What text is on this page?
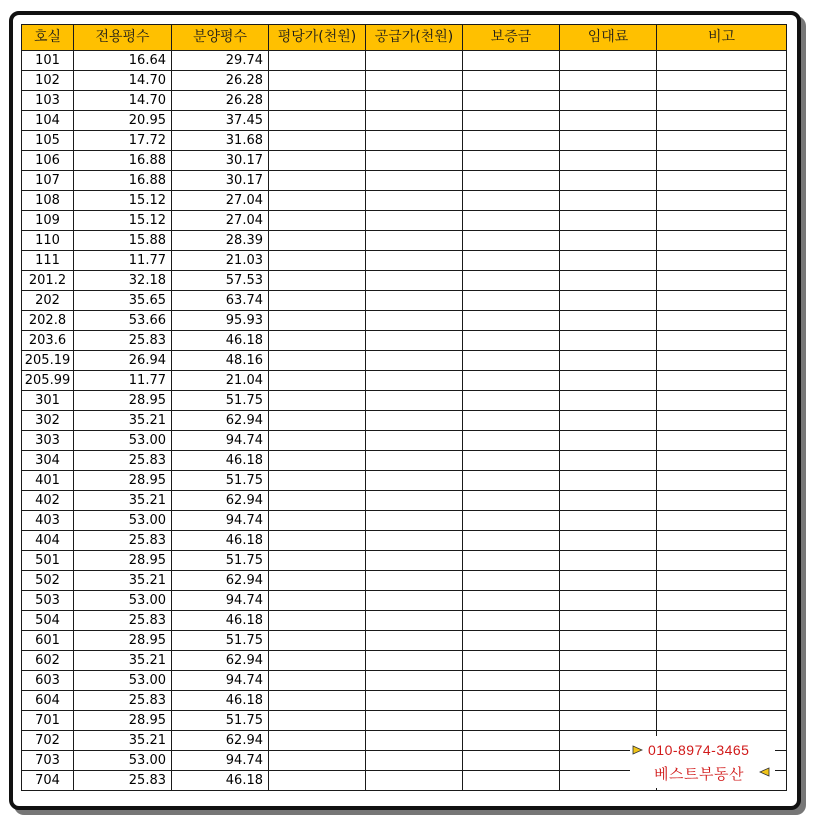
호실	전용평수	분양평수	평당가(천원)	공급가(천원)	보증금	임대료	비고
101	16.64	29.74					
102	14.70	26.28					
103	14.70	26.28					
104	20.95	37.45					
105	17.72	31.68					
106	16.88	30.17					
107	16.88	30.17					
108	15.12	27.04					
109	15.12	27.04					
110	15.88	28.39					
111	11.77	21.03					
201.2	32.18	57.53					
202	35.65	63.74					
202.8	53.66	95.93					
203.6	25.83	46.18					
205.19	26.94	48.16					
205.99	11.77	21.04					
301	28.95	51.75					
302	35.21	62.94					
303	53.00	94.74					
304	25.83	46.18					
401	28.95	51.75					
402	35.21	62.94					
403	53.00	94.74					
404	25.83	46.18					
501	28.95	51.75					
502	35.21	62.94					
503	53.00	94.74					
504	25.83	46.18					
601	28.95	51.75					
602	35.21	62.94					
603	53.00	94.74					
604	25.83	46.18					
701	28.95	51.75					
702	35.21	62.94					
703	53.00	94.74					
704	25.83	46.18					
010-8974-3465
베스트부동산
